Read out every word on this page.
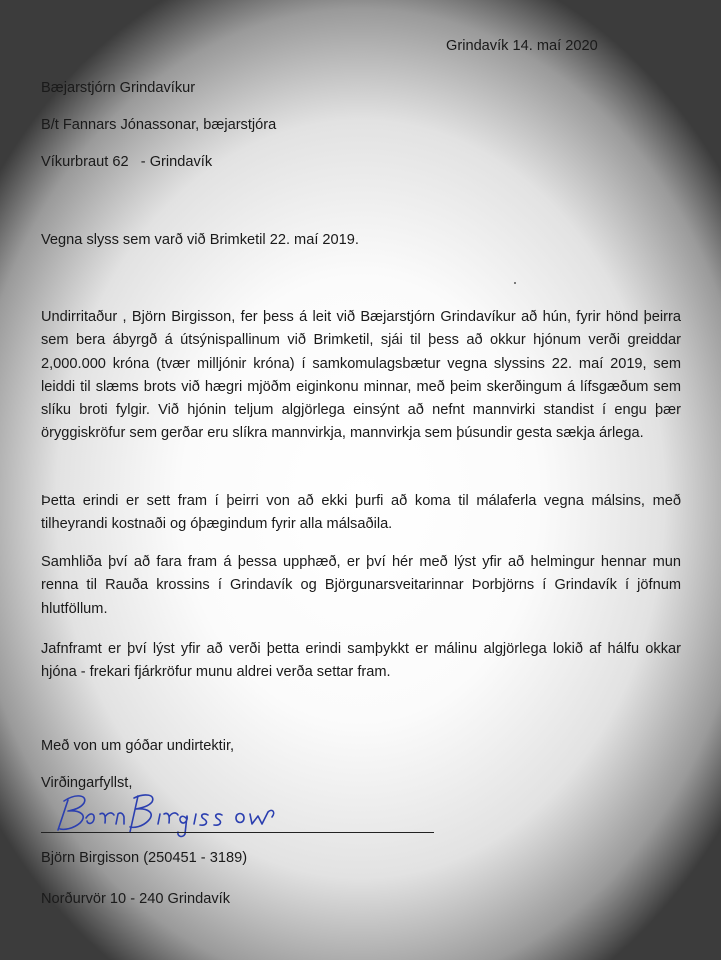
Grindavík 14. maí 2020

Bæjarstjórn Grindavíkur

B/t Fannars Jónassonar, bæjarstjóra

Víkurbraut 62   - Grindavík

Vegna slyss sem varð við Brimketil 22. maí 2019.

Undirritaður , Björn Birgisson, fer þess á leit við Bæjarstjórn Grindavíkur að hún, fyrir hönd þeirra sem bera ábyrgð á útsýnispallinum við Brimketil, sjái til þess að okkur hjónum verði greiddar 2,000.000 króna (tvær milljónir króna) í samkomulagsbætur vegna slyssins 22. maí 2019, sem leiddi til slæms brots við hægri mjöðm eiginkonu minnar, með þeim skerðingum á lífsgæðum sem slíku broti fylgir. Við hjónin teljum algjörlega einsýnt að nefnt mannvirki standist í engu þær öryggiskröfur sem gerðar eru slíkra mannvirkja, mannvirkja sem þúsundir gesta sækja árlega.

Þetta erindi er sett fram í þeirri von að ekki þurfi að koma til málaferla vegna málsins, með tilheyrandi kostnaði og óþægindum fyrir alla málsaðila.

Samhliða því að fara fram á þessa upphæð, er því hér með lýst yfir að helmingur hennar mun renna til Rauða krossins í Grindavík og Björgunarsveitarinnar Þorbjörns í Grindavík í jöfnum hlutföllum.

Jafnframt er því lýst yfir að verði þetta erindi samþykkt er málinu algjörlega lokið af hálfu okkar hjóna - frekari fjárkröfur munu aldrei verða settar fram.

Með von um góðar undirtektir,

Virðingarfyllst,

Björn Birgisson (250451 - 3189)

Norðurvör 10 - 240 Grindavík
